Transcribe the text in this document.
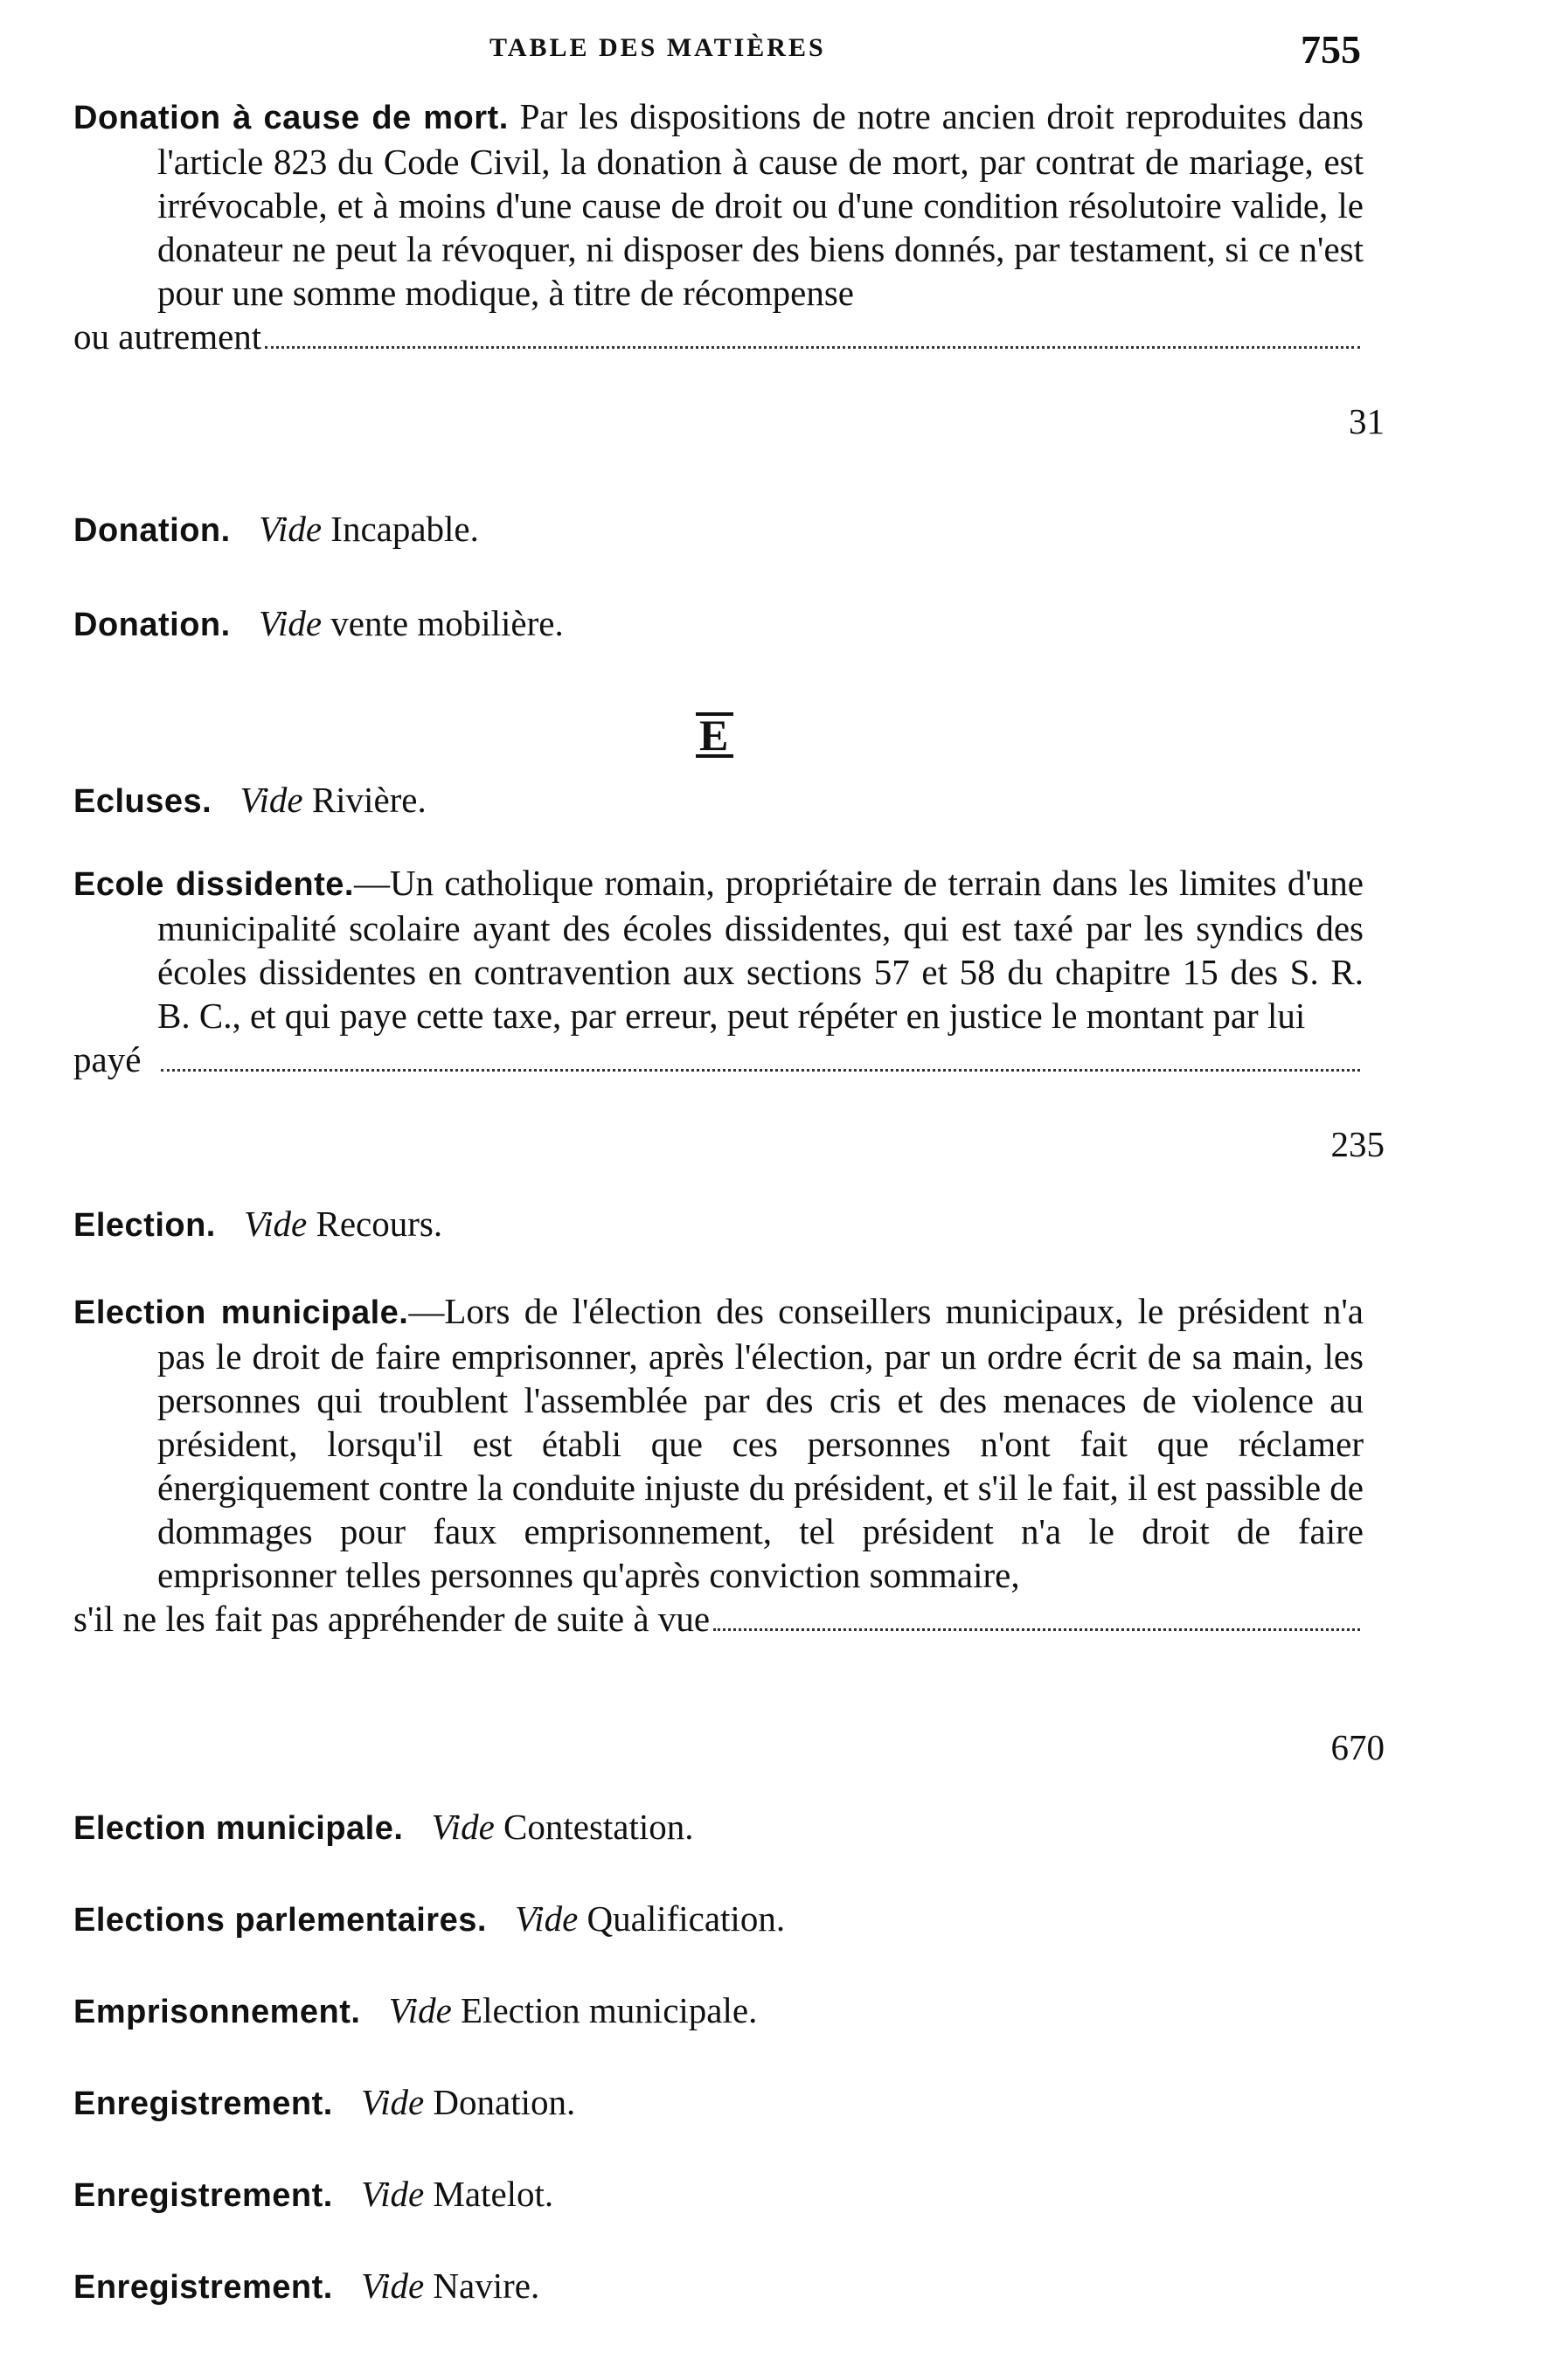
TABLE DES MATIÈRES	755
Donation à cause de mort. Par les dispositions de notre ancien droit reproduites dans l'article 823 du Code Civil, la donation à cause de mort, par contrat de mariage, est irrévocable, et à moins d'une cause de droit ou d'une condition résolutoire valide, le donateur ne peut la révoquer, ni disposer des biens donnés, par testament, si ce n'est pour une somme modique, à titre de récompense
ou autrement
31
Donation. Vide Incapable.
Donation. Vide vente mobilière.
E
Ecluses. Vide Rivière.
Ecole dissidente.—Un catholique romain, propriétaire de terrain dans les limites d'une municipalité scolaire ayant des écoles dissidentes, qui est taxé par les syndics des écoles dissidentes en contravention aux sections 57 et 58 du chapitre 15 des S. R. B. C., et qui paye cette taxe, par erreur, peut répéter en justice le montant par lui
payé
235
Election. Vide Recours.
Election municipale.—Lors de l'élection des conseillers municipaux, le président n'a pas le droit de faire emprisonner, après l'élection, par un ordre écrit de sa main, les personnes qui troublent l'assemblée par des cris et des menaces de violence au président, lorsqu'il est établi que ces personnes n'ont fait que réclamer énergiquement contre la conduite injuste du président, et s'il le fait, il est passible de dommages pour faux emprisonnement, tel président n'a le droit de faire emprisonner telles personnes qu'après conviction sommaire,
s'il ne les fait pas appréhender de suite à vue
670
Election municipale. Vide Contestation.
Elections parlementaires. Vide Qualification.
Emprisonnement. Vide Election municipale.
Enregistrement. Vide Donation.
Enregistrement. Vide Matelot.
Enregistrement. Vide Navire.
